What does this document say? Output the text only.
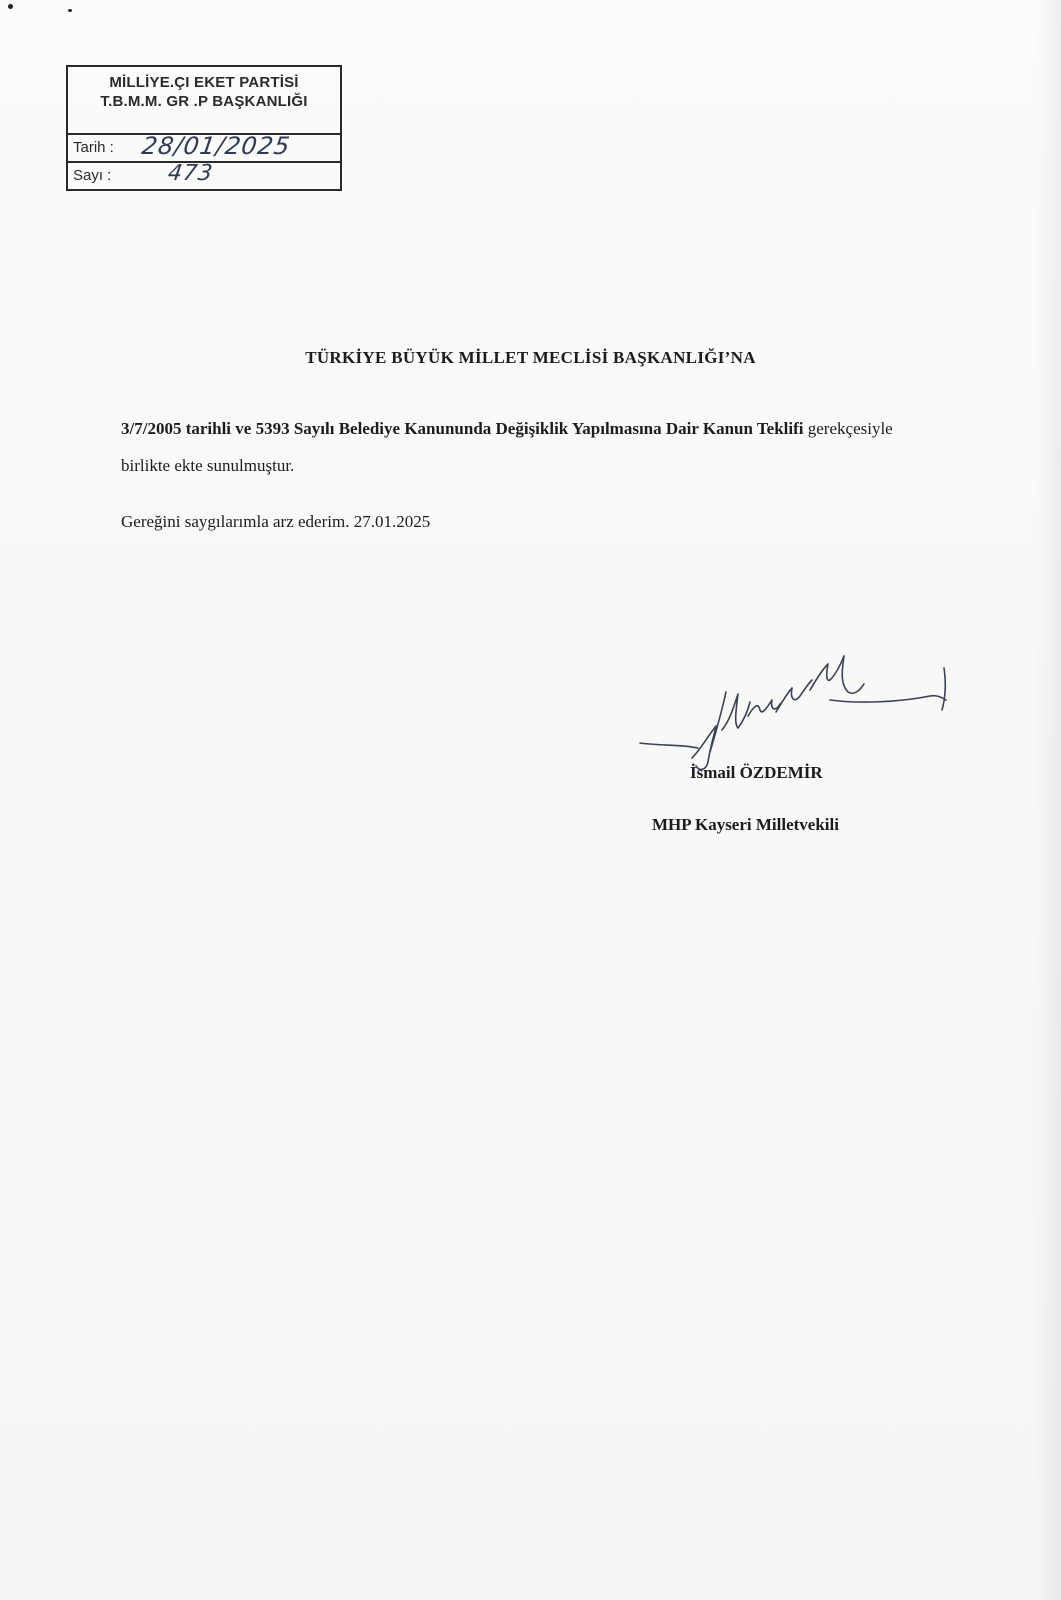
MİLLİYE.ÇI EKET PARTİSİ
T.B.M.M. GR .P BAŞKANLIĞI
Tarih : 28/01/2025
Sayı : 473
TÜRKİYE BÜYÜK MİLLET MECLİSİ BAŞKANLIĞI’NA
3/7/2005 tarihli ve 5393 Sayılı Belediye Kanununda Değişiklik Yapılmasına Dair Kanun Teklifi gerekçesiyle birlikte ekte sunulmuştur.
Gereğini saygılarımla arz ederim. 27.01.2025
İsmail ÖZDEMİR
MHP Kayseri Milletvekili
